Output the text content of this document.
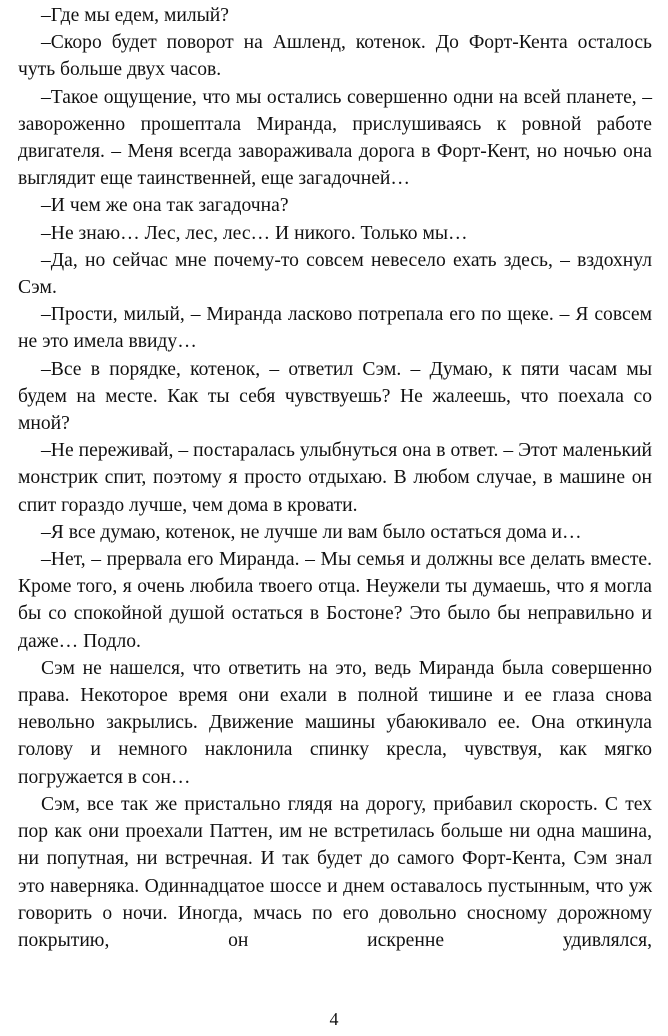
–Где мы едем, милый?

–Скоро будет поворот на Ашленд, котенок. До Форт-Кента осталось чуть больше двух часов.

–Такое ощущение, что мы остались совершенно одни на всей планете, – завороженно прошептала Миранда, прислушиваясь к ровной работе двигателя. – Меня всегда завораживала дорога в Форт-Кент, но ночью она выглядит еще таинственней, еще загадочней…

–И чем же она так загадочна?

–Не знаю… Лес, лес, лес… И никого. Только мы…

–Да, но сейчас мне почему-то совсем невесело ехать здесь, – вздохнул Сэм.

–Прости, милый, – Миранда ласково потрепала его по щеке. – Я совсем не это имела ввиду…

–Все в порядке, котенок, – ответил Сэм. – Думаю, к пяти часам мы будем на месте. Как ты себя чувствуешь? Не жалеешь, что поехала со мной?

–Не переживай, – постаралась улыбнуться она в ответ. – Этот маленький монстрик спит, поэтому я просто отдыхаю. В любом случае, в машине он спит гораздо лучше, чем дома в кровати.

–Я все думаю, котенок, не лучше ли вам было остаться дома и…

–Нет, – прервала его Миранда. – Мы семья и должны все делать вместе. Кроме того, я очень любила твоего отца. Неужели ты думаешь, что я могла бы со спокойной душой остаться в Бостоне? Это было бы неправильно и даже… Подло.

Сэм не нашелся, что ответить на это, ведь Миранда была совершенно права. Некоторое время они ехали в полной тишине и ее глаза снова невольно закрылись. Движение машины убаюкивало ее. Она откинула голову и немного наклонила спинку кресла, чувствуя, как мягко погружается в сон…

Сэм, все так же пристально глядя на дорогу, прибавил скорость. С тех пор как они проехали Паттен, им не встретилась больше ни одна машина, ни попутная, ни встречная. И так будет до самого Форт-Кента, Сэм знал это наверняка. Одиннадцатое шоссе и днем оставалось пустынным, что уж говорить о ночи. Иногда, мчась по его довольно сносному дорожному покрытию, он искренне удивлялся,

4
